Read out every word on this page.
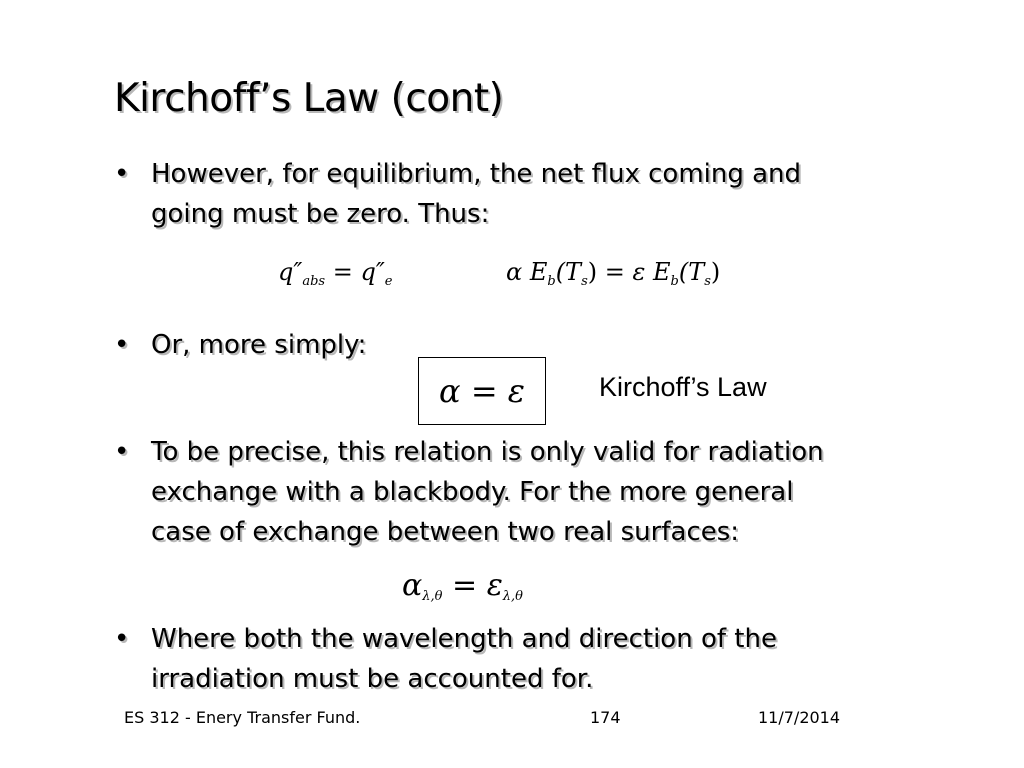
Kirchoff’s Law (cont)
• However, for equilibrium, the net flux coming and
going must be zero. Thus:
$q''_{abs} = q''_e$	α $E_b(T_s) = \varepsilon$ $E_b(T_s)$
• Or, more simply:
α = ε	Kirchoff’s Law
• To be precise, this relation is only valid for radiation
exchange with a blackbody. For the more general
case of exchange between two real surfaces:
$\alpha_{\lambda,\theta} = \varepsilon_{\lambda,\theta}$
• Where both the wavelength and direction of the
irradiation must be accounted for.
ES 312 - Enery Transfer Fund.	174	11/7/2014
